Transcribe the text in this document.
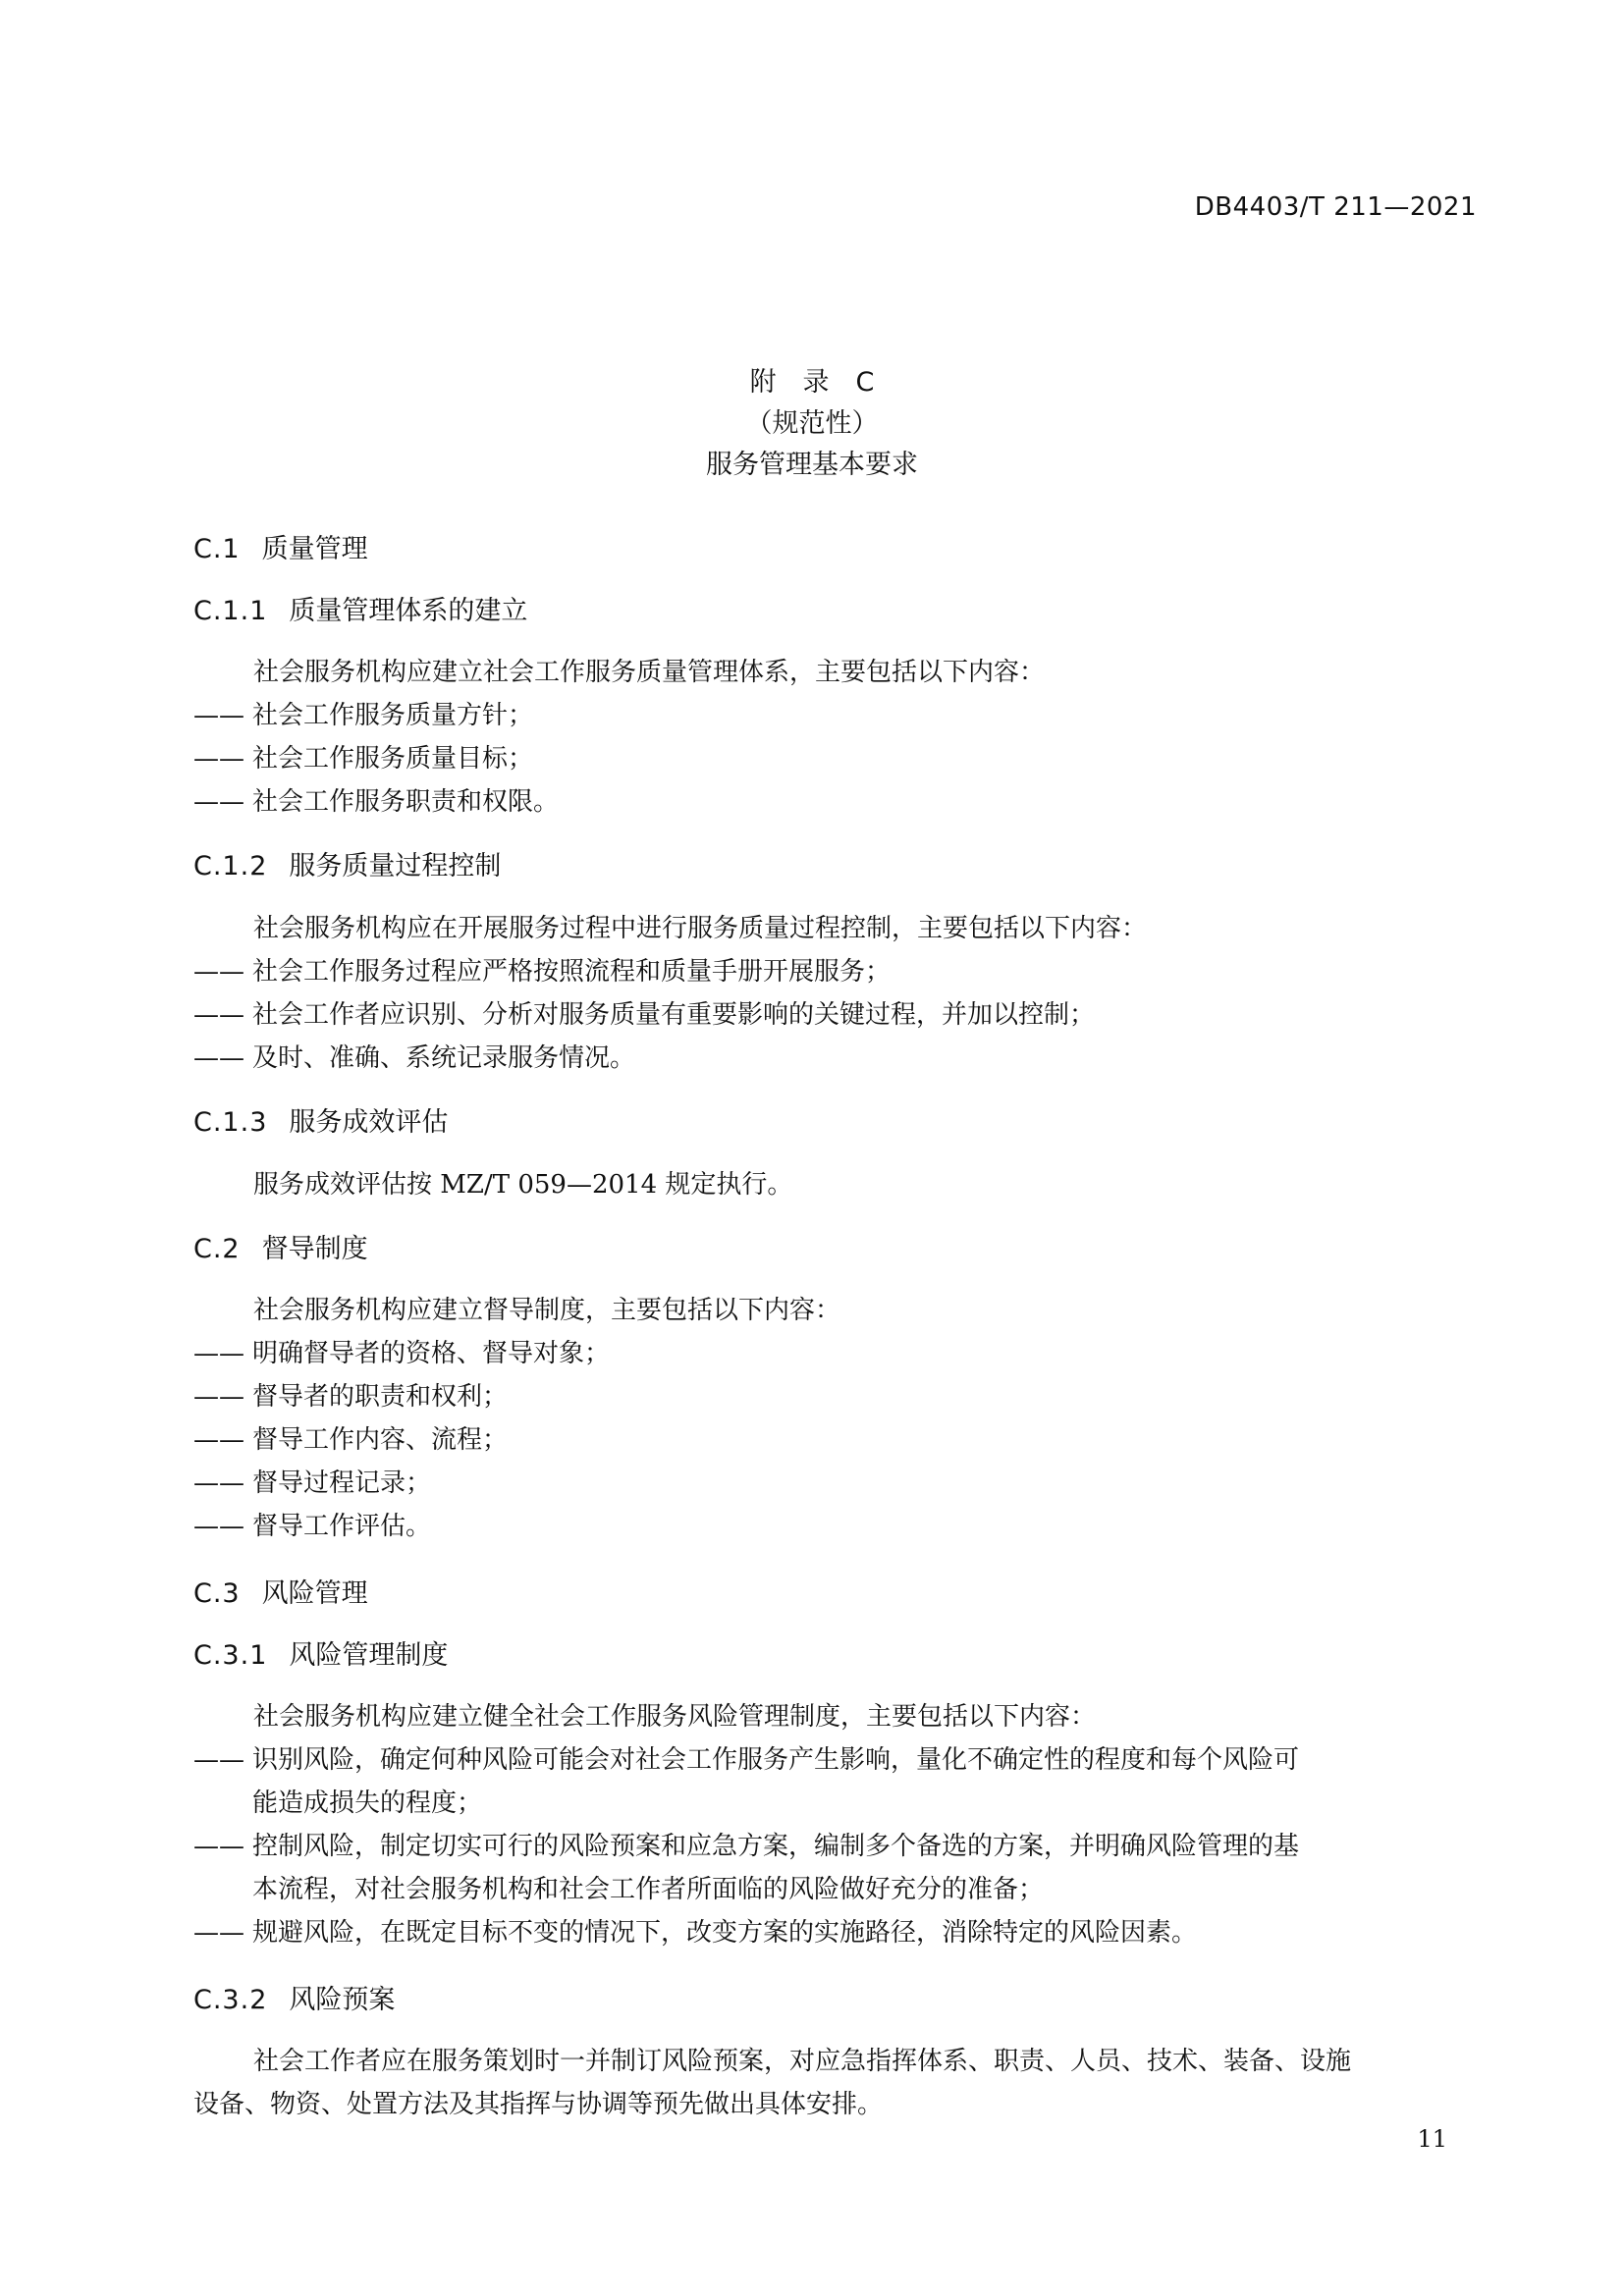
DB4403/T 211—2021
附　录　C
（规范性）
服务管理基本要求
C.1 质量管理
C.1.1 质量管理体系的建立
社会服务机构应建立社会工作服务质量管理体系，主要包括以下内容：
—— 社会工作服务质量方针；
—— 社会工作服务质量目标；
—— 社会工作服务职责和权限。
C.1.2 服务质量过程控制
社会服务机构应在开展服务过程中进行服务质量过程控制，主要包括以下内容：
—— 社会工作服务过程应严格按照流程和质量手册开展服务；
—— 社会工作者应识别、分析对服务质量有重要影响的关键过程，并加以控制；
—— 及时、准确、系统记录服务情况。
C.1.3 服务成效评估
服务成效评估按 MZ/T 059—2014 规定执行。
C.2 督导制度
社会服务机构应建立督导制度，主要包括以下内容：
—— 明确督导者的资格、督导对象；
—— 督导者的职责和权利；
—— 督导工作内容、流程；
—— 督导过程记录；
—— 督导工作评估。
C.3 风险管理
C.3.1 风险管理制度
社会服务机构应建立健全社会工作服务风险管理制度，主要包括以下内容：
—— 识别风险，确定何种风险可能会对社会工作服务产生影响，量化不确定性的程度和每个风险可
能造成损失的程度；
—— 控制风险，制定切实可行的风险预案和应急方案，编制多个备选的方案，并明确风险管理的基
本流程，对社会服务机构和社会工作者所面临的风险做好充分的准备；
—— 规避风险，在既定目标不变的情况下，改变方案的实施路径，消除特定的风险因素。
C.3.2 风险预案
社会工作者应在服务策划时一并制订风险预案，对应急指挥体系、职责、人员、技术、装备、设施
设备、物资、处置方法及其指挥与协调等预先做出具体安排。
11
